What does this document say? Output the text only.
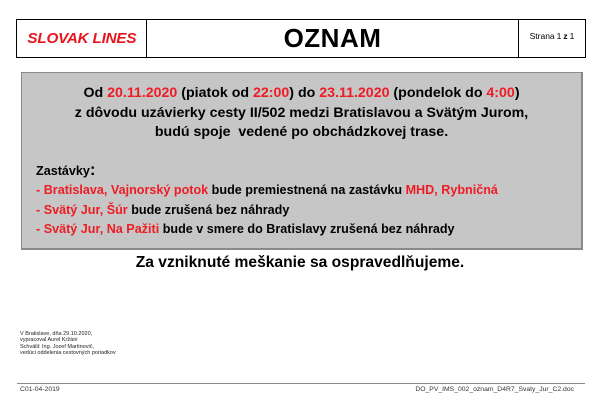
SLOVAK LINES	OZNAM	Strana 1 z 1
Od 20.11.2020 (piatok od 22:00) do 23.11.2020 (pondelok do 4:00)
z dôvodu uzávierky cesty II/502 medzi Bratislavou a Svätým Jurom,
budú spoje  vedené po obchádzkovej trase.
Zastávky:
- Bratislava, Vajnorský potok bude premiestnená na zastávku MHD, Rybničná
- Svätý Jur, Šúr bude zrušená bez náhrady
- Svätý Jur, Na Pažiti bude v smere do Bratislavy zrušená bez náhrady
Za vzniknuté meškanie sa ospravedlňujeme.
V Bratislave, dňa 29.10.2020,
vypracoval Aurel Kržáni
Schválil: Ing. Jozef Martinovič,
vedúci oddelenia cestovných poriadkov
C01-04-2019	DO_PV_IMS_002_oznam_D4R7_Svaty_Jur_C2.doc
